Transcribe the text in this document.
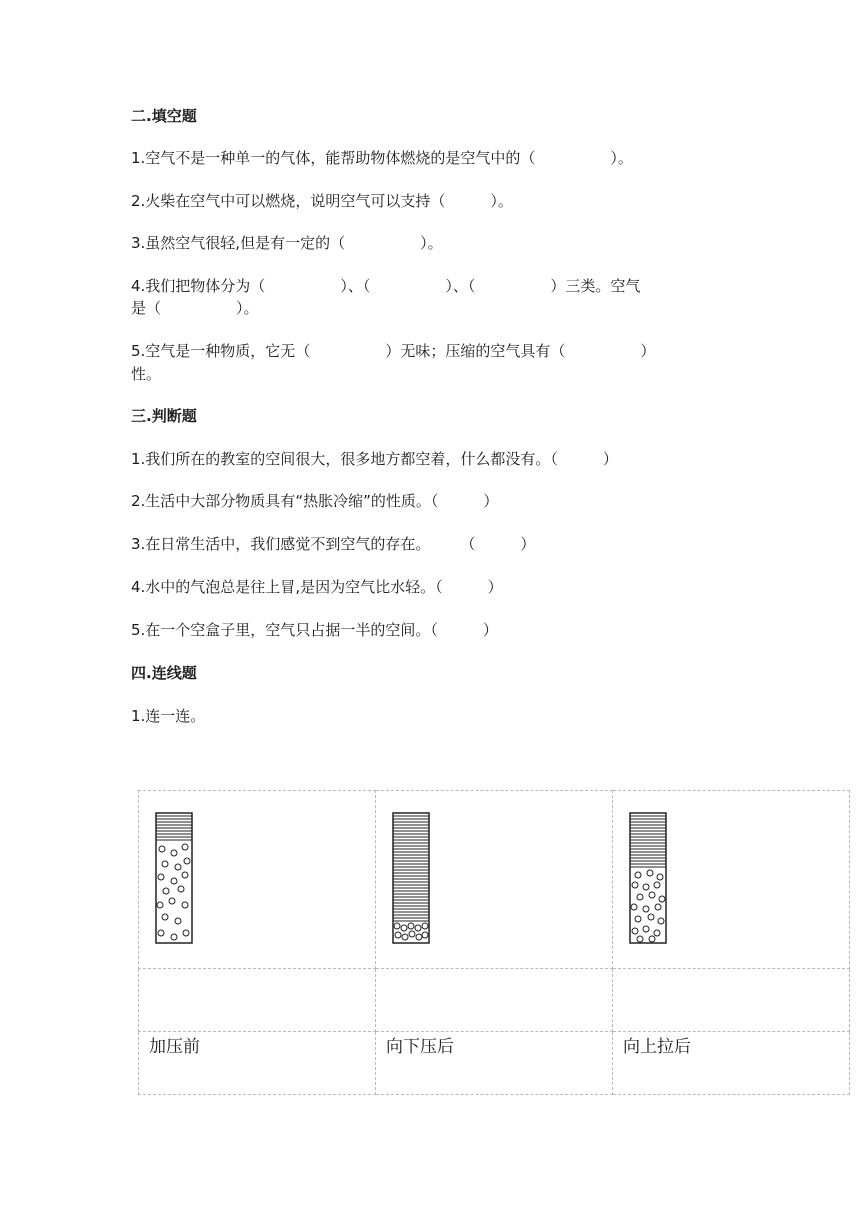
二.填空题
1.空气不是一种单一的气体，能帮助物体燃烧的是空气中的（　　　　　）。
2.火柴在空气中可以燃烧，说明空气可以支持（　　　）。
3.虽然空气很轻,但是有一定的（　　　　　）。
4.我们把物体分为（　　　　　）、（　　　　　）、（　　　　　）三类。空气
是（　　　　　）。
5.空气是一种物质，它无（　　　　　）无味；压缩的空气具有（　　　　　）
性。
三.判断题
1.我们所在的教室的空间很大，很多地方都空着，什么都没有。（　　　）
2.生活中大部分物质具有“热胀冷缩”的性质。（　　　）
3.在日常生活中，我们感觉不到空气的存在。　　　（　　　）
4.水中的气泡总是往上冒,是因为空气比水轻。（　　　）
5.在一个空盒子里，空气只占据一半的空间。（　　　）
四.连线题
1.连一连。

加压前	向下压后	向上拉后
